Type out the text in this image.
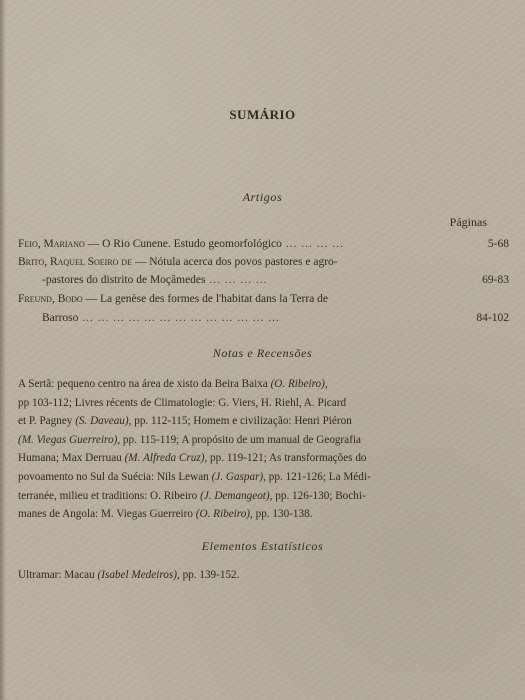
SUMÁRIO
Artigos
Páginas
Feio, Mariano — O Rio Cunene. Estudo geomorfológico ... ... ... ...	5-68
Brito, Raquel Soeiro de — Nótula acerca dos povos pastores e agro-
-pastores do distrito de Moçâmedes ... ... ... ...	69-83
Freund, Bodo — La genèse des formes de l'habitat dans la Terra de
Barroso ... ... ... ... ... ... ... ... ... ... ... ... ...	84-102
Notas e Recensões
A Sertã: pequeno centro na área de xisto da Beira Baixa (O. Ribeiro),
pp 103-112; Livres récents de Climatologie: G. Viers, H. Riehl, A. Picard
et P. Pagney (S. Daveau), pp. 112-115; Homem e civilização: Henri Piéron
(M. Viegas Guerreiro), pp. 115-119; A propósito de um manual de Geografia
Humana; Max Derruau (M. Alfreda Cruz), pp. 119-121; As transformações do
povoamento no Sul da Suécia: Nils Lewan (J. Gaspar), pp. 121-126; La Médi-
terranée, milieu et traditions: O. Ribeiro (J. Demangeot), pp. 126-130; Bochi-
manes de Angola: M. Viegas Guerreiro (O. Ribeiro), pp. 130-138.
Elementos Estatísticos
Ultramar: Macau (Isabel Medeiros), pp. 139-152.
